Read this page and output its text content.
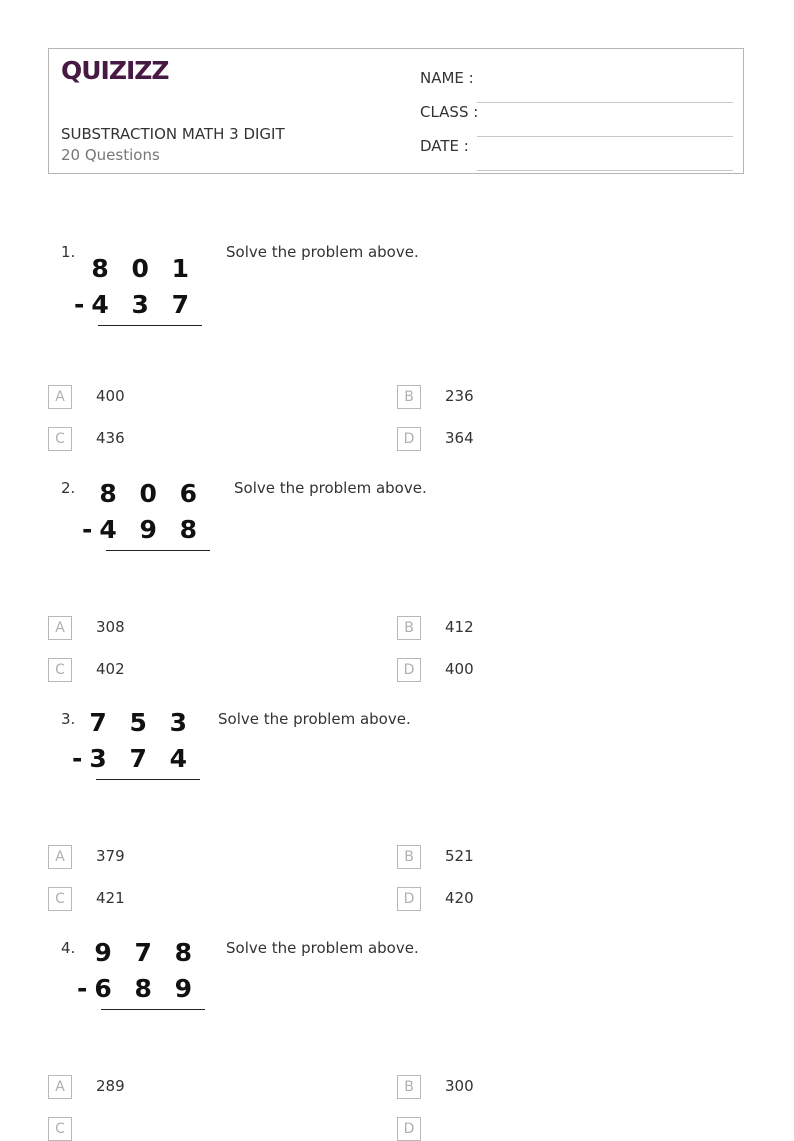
QUIZIZZ
SUBSTRACTION MATH 3 DIGIT
20 Questions
NAME :
CLASS :
DATE :
1.
8 0 1
-4 3 7
Solve the problem above.
A	400	B	236
C	436	D	364
2. 8 0 6
-4 9 8
Solve the problem above.
A	308	B	412
C	402	D	400
3. 7 5 3
-3 7 4
Solve the problem above.
A	379	B	521
C	421	D	420
4. 9 7 8
-6 8 9
Solve the problem above.
A	289	B	300
C	D
